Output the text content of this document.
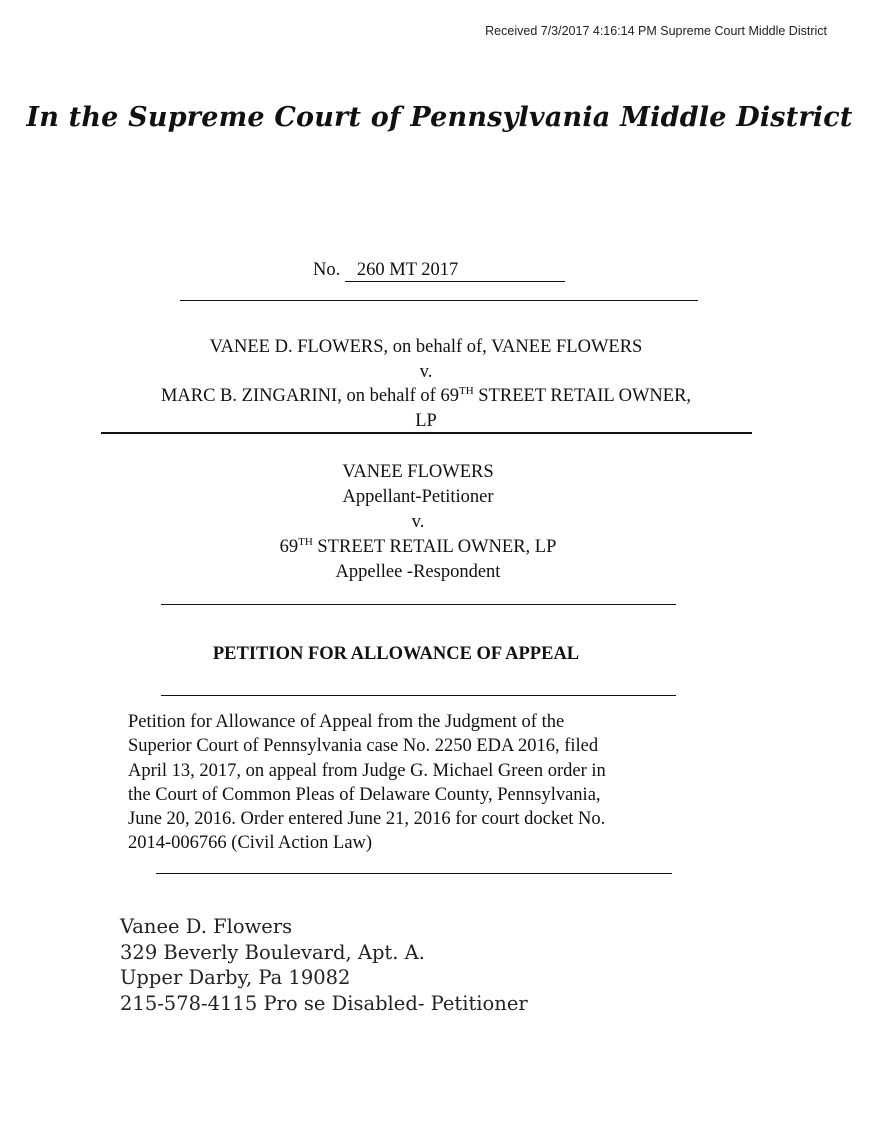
Received 7/3/2017 4:16:14 PM Supreme Court Middle District
In the Supreme Court of Pennsylvania Middle District
No. 260 MT 2017
VANEE D. FLOWERS, on behalf of, VANEE FLOWERS
v.
MARC B. ZINGARINI, on behalf of 69TH STREET RETAIL OWNER,
LP
VANEE FLOWERS
Appellant-Petitioner
v.
69TH STREET RETAIL OWNER, LP
Appellee -Respondent
PETITION FOR ALLOWANCE OF APPEAL
Petition for Allowance of Appeal from the Judgment of the
Superior Court of Pennsylvania case No. 2250 EDA 2016, filed
April 13, 2017, on appeal from Judge G. Michael Green order in
the Court of Common Pleas of Delaware County, Pennsylvania,
June 20, 2016. Order entered June 21, 2016 for court docket No.
2014-006766 (Civil Action Law)
Vanee D. Flowers
329 Beverly Boulevard, Apt. A.
Upper Darby, Pa 19082
215-578-4115 Pro se Disabled- Petitioner
